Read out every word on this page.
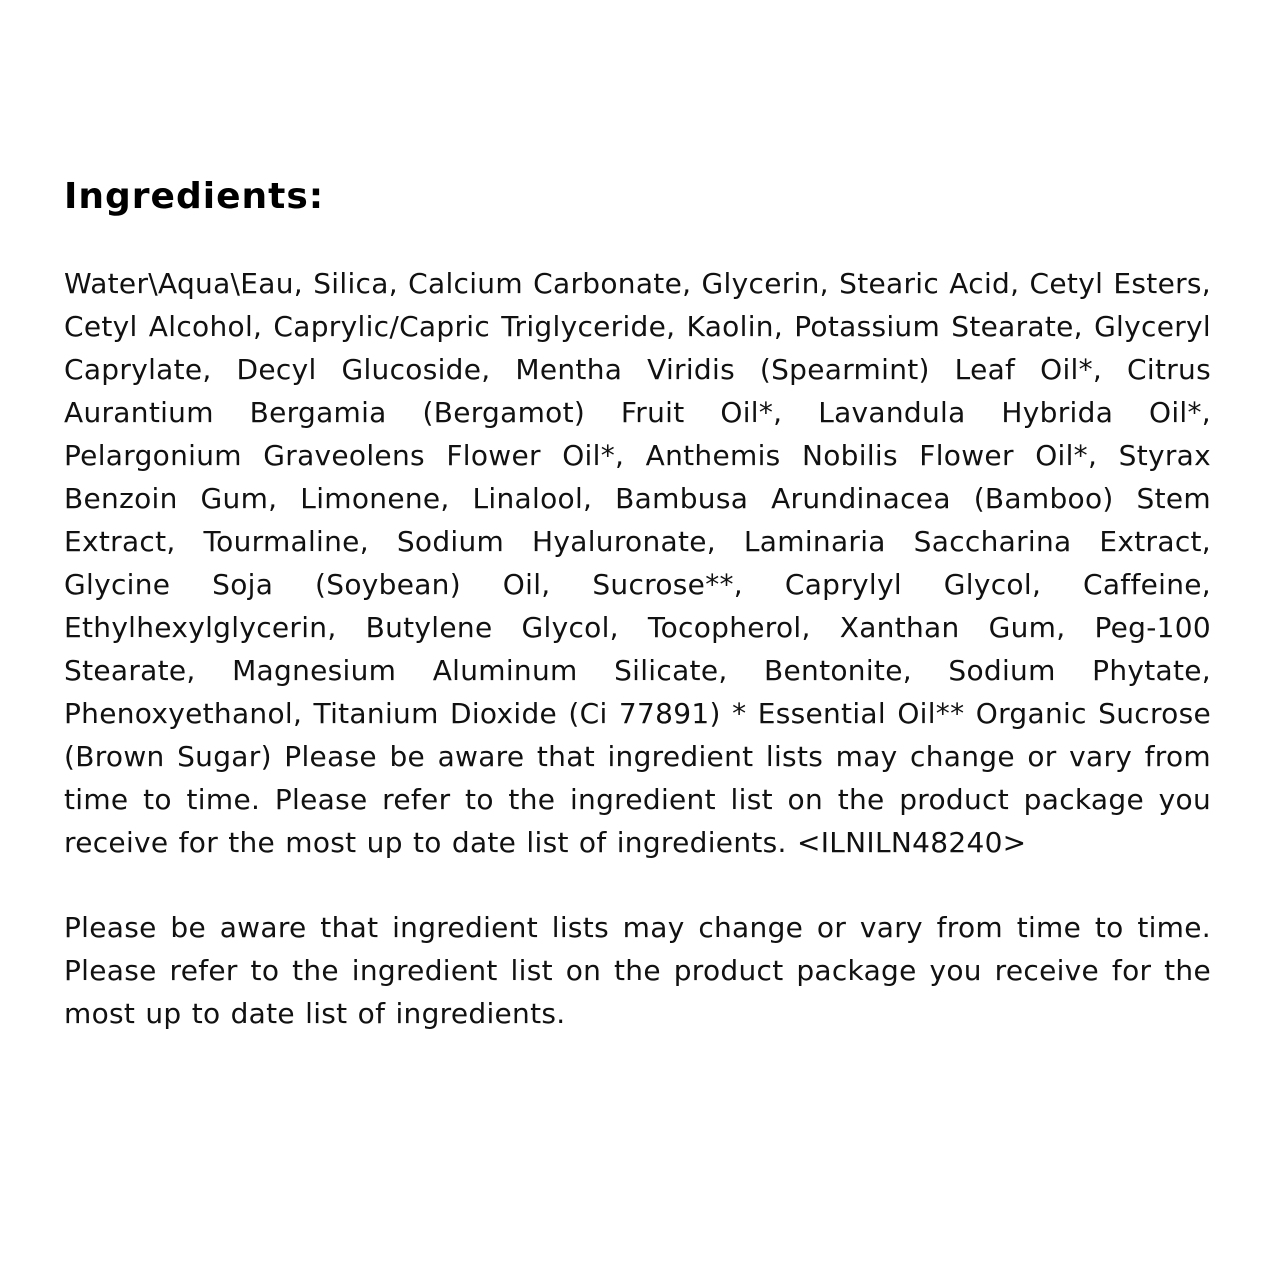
Ingredients:

Water\Aqua\Eau, Silica, Calcium Carbonate, Glycerin, Stearic Acid, Cetyl Esters, Cetyl Alcohol, Caprylic/Capric Triglyceride, Kaolin, Potassium Stearate, Glyceryl Caprylate, Decyl Glucoside, Mentha Viridis (Spearmint) Leaf Oil*, Citrus Aurantium Bergamia (Bergamot) Fruit Oil*, Lavandula Hybrida Oil*, Pelargonium Graveolens Flower Oil*, Anthemis Nobilis Flower Oil*, Styrax Benzoin Gum, Limonene, Linalool, Bambusa Arundinacea (Bamboo) Stem Extract, Tourmaline, Sodium Hyaluronate, Laminaria Saccharina Extract, Glycine Soja (Soybean) Oil, Sucrose**, Caprylyl Glycol, Caffeine, Ethylhexylglycerin, Butylene Glycol, Tocopherol, Xanthan Gum, Peg-100 Stearate, Magnesium Aluminum Silicate, Bentonite, Sodium Phytate, Phenoxyethanol, Titanium Dioxide (Ci 77891) * Essential Oil** Organic Sucrose (Brown Sugar) Please be aware that ingredient lists may change or vary from time to time. Please refer to the ingredient list on the product package you receive for the most up to date list of ingredients. <ILNILN48240>

Please be aware that ingredient lists may change or vary from time to time. Please refer to the ingredient list on the product package you receive for the most up to date list of ingredients.
